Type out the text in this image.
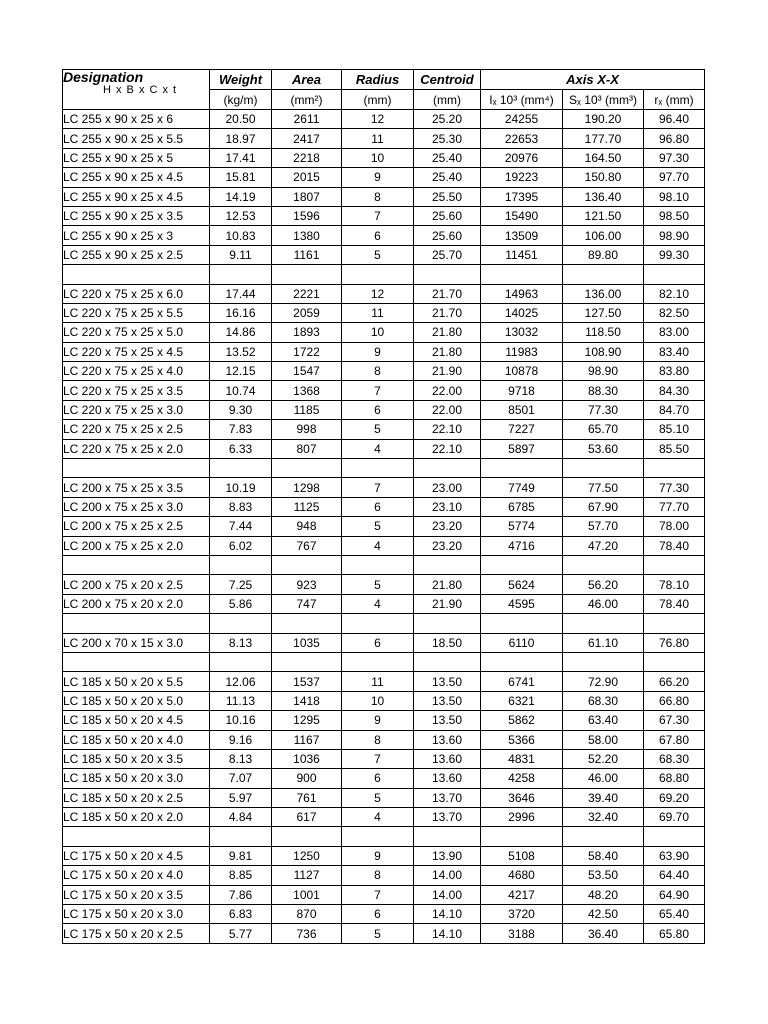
Designation
H x B x C x t	Weight	Area	Radius	Centroid	Axis X-X		
	(kg/m)	(mm²)	(mm)	(mm)	Iₓ 10³ (mm⁴)	Sₓ 10³ (mm³)	rₓ (mm)
LC 255 x 90 x 25 x 6	20.50	2611	12	25.20	24255	190.20	96.40
LC 255 x 90 x 25 x 5.5	18.97	2417	11	25.30	22653	177.70	96.80
LC 255 x 90 x 25 x 5	17.41	2218	10	25.40	20976	164.50	97.30
LC 255 x 90 x 25 x 4.5	15.81	2015	9	25.40	19223	150.80	97.70
LC 255 x 90 x 25 x 4.5	14.19	1807	8	25.50	17395	136.40	98.10
LC 255 x 90 x 25 x 3.5	12.53	1596	7	25.60	15490	121.50	98.50
LC 255 x 90 x 25 x 3	10.83	1380	6	25.60	13509	106.00	98.90
LC 255 x 90 x 25 x 2.5	9.11	1161	5	25.70	11451	89.80	99.30

LC 220 x 75 x 25 x 6.0	17.44	2221	12	21.70	14963	136.00	82.10
LC 220 x 75 x 25 x 5.5	16.16	2059	11	21.70	14025	127.50	82.50
LC 220 x 75 x 25 x 5.0	14.86	1893	10	21.80	13032	118.50	83.00
LC 220 x 75 x 25 x 4.5	13.52	1722	9	21.80	11983	108.90	83.40
LC 220 x 75 x 25 x 4.0	12.15	1547	8	21.90	10878	98.90	83.80
LC 220 x 75 x 25 x 3.5	10.74	1368	7	22.00	9718	88.30	84.30
LC 220 x 75 x 25 x 3.0	9.30	1185	6	22.00	8501	77.30	84.70
LC 220 x 75 x 25 x 2.5	7.83	998	5	22.10	7227	65.70	85.10
LC 220 x 75 x 25 x 2.0	6.33	807	4	22.10	5897	53.60	85.50

LC 200 x 75 x 25 x 3.5	10.19	1298	7	23.00	7749	77.50	77.30
LC 200 x 75 x 25 x 3.0	8.83	1125	6	23.10	6785	67.90	77.70
LC 200 x 75 x 25 x 2.5	7.44	948	5	23.20	5774	57.70	78.00
LC 200 x 75 x 25 x 2.0	6.02	767	4	23.20	4716	47.20	78.40

LC 200 x 75 x 20 x 2.5	7.25	923	5	21.80	5624	56.20	78.10
LC 200 x 75 x 20 x 2.0	5.86	747	4	21.90	4595	46.00	78.40

LC 200 x 70 x 15 x 3.0	8.13	1035	6	18.50	6110	61.10	76.80

LC 185 x 50 x 20 x 5.5	12.06	1537	11	13.50	6741	72.90	66.20
LC 185 x 50 x 20 x 5.0	11.13	1418	10	13.50	6321	68.30	66.80
LC 185 x 50 x 20 x 4.5	10.16	1295	9	13.50	5862	63.40	67.30
LC 185 x 50 x 20 x 4.0	9.16	1167	8	13.60	5366	58.00	67.80
LC 185 x 50 x 20 x 3.5	8.13	1036	7	13.60	4831	52.20	68.30
LC 185 x 50 x 20 x 3.0	7.07	900	6	13.60	4258	46.00	68.80
LC 185 x 50 x 20 x 2.5	5.97	761	5	13.70	3646	39.40	69.20
LC 185 x 50 x 20 x 2.0	4.84	617	4	13.70	2996	32.40	69.70

LC 175 x 50 x 20 x 4.5	9.81	1250	9	13.90	5108	58.40	63.90
LC 175 x 50 x 20 x 4.0	8.85	1127	8	14.00	4680	53.50	64.40
LC 175 x 50 x 20 x 3.5	7.86	1001	7	14.00	4217	48.20	64.90
LC 175 x 50 x 20 x 3.0	6.83	870	6	14.10	3720	42.50	65.40
LC 175 x 50 x 20 x 2.5	5.77	736	5	14.10	3188	36.40	65.80
